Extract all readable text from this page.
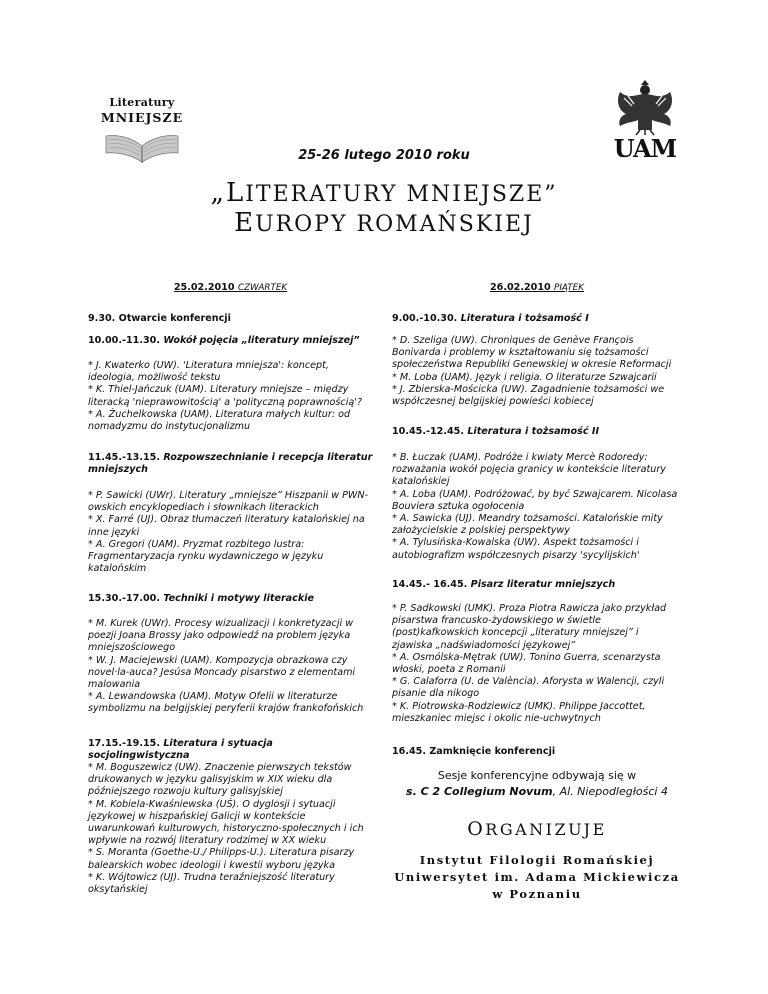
Literatury
MNIEJSZE
UAM
25-26 lutego 2010 roku
„LITERATURY MNIEJSZE”
EUROPY ROMAŃSKIEJ
25.02.2010 CZWARTEK	26.02.2010 PIĄTEK
9.30. Otwarcie konferencji
10.00.-11.30. Wokół pojęcia „literatury mniejszej”
* J. Kwaterko (UW). 'Literatura mniejsza': koncept, ideologia, możliwość tekstu
* K. Thiel-Jańczuk (UAM). Literatury mniejsze – między literacką 'nieprawowitością' a 'polityczną poprawnością'?
* A. Żuchelkowska (UAM). Literatura małych kultur: od nomadyzmu do instytucjonalizmu
11.45.-13.15. Rozpowszechnianie i recepcja literatur mniejszych
* P. Sawicki (UWr). Literatury „mniejsze” Hiszpanii w PWN-owskich encyklopediach i słownikach literackich
* X. Farré (UJ). Obraz tłumaczeń literatury katalońskiej na inne języki
* A. Gregori (UAM). Pryzmat rozbitego lustra: Fragmentaryzacja rynku wydawniczego w języku katalońskim
15.30.-17.00. Techniki i motywy literackie
* M. Kurek (UWr). Procesy wizualizacji i konkretyzacji w poezji Joana Brossy jako odpowiedź na problem języka mniejszościowego
* W. J. Maciejewski (UAM). Kompozycja obrazkowa czy novel·la-auca? Jesúsa Moncady pisarstwo z elementami malowania
* A. Lewandowska (UAM). Motyw Ofelii w literaturze symbolizmu na belgijskiej peryferii krajów frankofońskich
17.15.-19.15. Literatura i sytuacja socjolingwistyczna
* M. Boguszewicz (UW). Znaczenie pierwszych tekstów drukowanych w języku galisyjskim w XIX wieku dla późniejszego rozwoju kultury galisyjskiej
* M. Kobiela-Kwaśniewska (UŚ). O dyglosji i sytuacji językowej w hiszpańskiej Galicji w kontekście uwarunkowań kulturowych, historyczno-społecznych i ich wpływie na rozwój literatury rodzimej w XX wieku
* S. Moranta (Goethe-U./ Philipps-U.). Literatura pisarzy balearskich wobec ideologii i kwestii wyboru języka
* K. Wójtowicz (UJ). Trudna teraźniejszość literatury oksytańskiej
9.00.-10.30. Literatura i tożsamość I
* D. Szeliga (UW). Chroniques de Genève François Bonivarda i problemy w kształtowaniu się tożsamości społeczeństwa Republiki Genewskiej w okresie Reformacji
* M. Loba (UAM). Język i religia. O literaturze Szwajcarii
* J. Zbierska-Mościcka (UW). Zagadnienie tożsamości we współczesnej belgijskiej powieści kobiecej
10.45.-12.45. Literatura i tożsamość II
* B. Łuczak (UAM). Podróże i kwiaty Mercè Rodoredy: rozważania wokół pojęcia granicy w kontekście literatury katalońskiej
* A. Loba (UAM). Podróżować, by być Szwajcarem. Nicolasa Bouviera sztuka ogołocenia
* A. Sawicka (UJ). Meandry tożsamości. Katalońskie mity założycielskie z polskiej perspektywy
* A. Tylusińska-Kowalska (UW). Aspekt tożsamości i autobiografizm współczesnych pisarzy 'sycylijskich'
14.45.- 16.45. Pisarz literatur mniejszych
* P. Sadkowski (UMK). Proza Piotra Rawicza jako przykład pisarstwa francusko-żydowskiego w świetle (post)kafkowskich koncepcji „literatury mniejszej” i zjawiska „nadświadomości językowej”
* A. Osmólska-Mętrak (UW). Tonino Guerra, scenarzysta włoski, poeta z Romanii
* G. Calaforra (U. de València). Aforysta w Walencji, czyli pisanie dla nikogo
* K. Piotrowska-Rodziewicz (UMK). Philippe Jaccottet, mieszkaniec miejsc i okolic nie-uchwytnych
16.45. Zamknięcie konferencji
Sesje konferencyjne odbywają się w
s. C 2 Collegium Novum, Al. Niepodległości 4
ORGANIZUJE
Instytut Filologii Romańskiej
Uniwersytet im. Adama Mickiewicza
w Poznaniu
